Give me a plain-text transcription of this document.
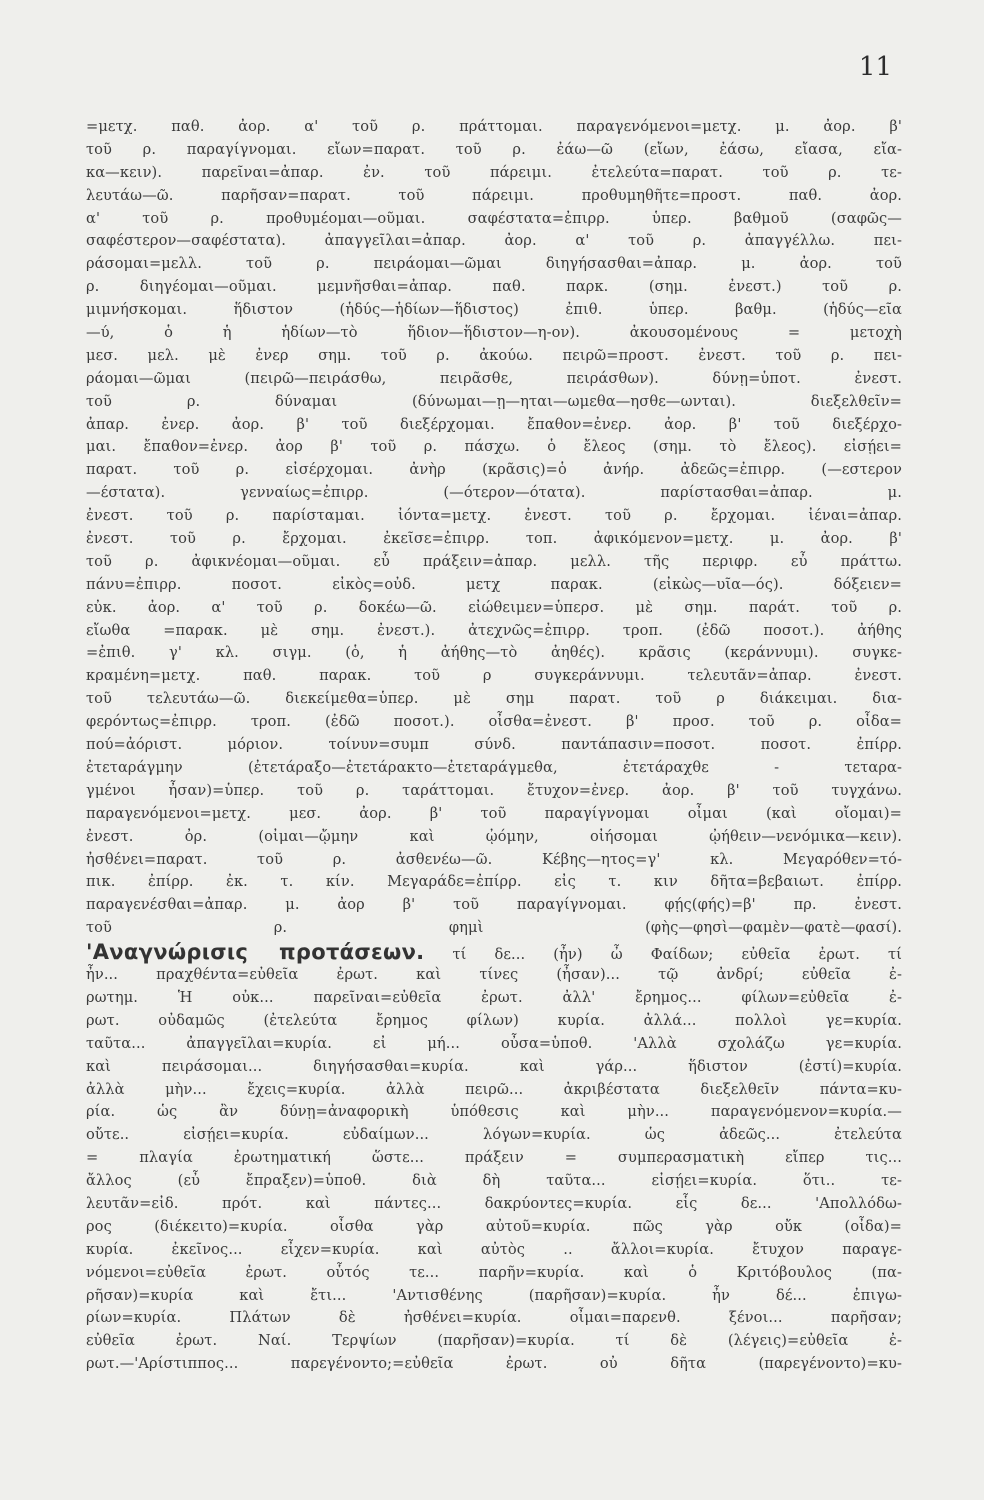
11
=μετχ. παθ. ἀορ. α' τοῦ ρ. πράττομαι. παραγενόμενοι=μετχ. μ. ἀορ. β'
τοῦ ρ. παραγίγνομαι. εἴων=παρατ. τοῦ ρ. ἐάω—ῶ (εἴων, ἐάσω, εἴασα, εἴα-
κα—κειν). παρεῖναι=ἀπαρ. ἐν. τοῦ πάρειμι. ἐτελεύτα=παρατ. τοῦ ρ. τε-
λευτάω—ῶ. παρῆσαν=παρατ. τοῦ πάρειμι. προθυμηθῆτε=προστ. παθ. ἀορ.
α' τοῦ ρ. προθυμέομαι—οῦμαι. σαφέστατα=ἐπιρρ. ὑπερ. βαθμοῦ (σαφῶς—
σαφέστερον—σαφέστατα). ἀπαγγεῖλαι=ἀπαρ. ἀορ. α' τοῦ ρ. ἀπαγγέλλω. πει-
ράσομαι=μελλ. τοῦ ρ. πειράομαι—ῶμαι διηγήσασθαι=ἀπαρ. μ. ἀορ. τοῦ
ρ. διηγέομαι—οῦμαι. μεμνῆσθαι=ἀπαρ. παθ. παρκ. (σημ. ἐνεστ.) τοῦ ρ.
μιμνήσκομαι. ἥδιστον (ἡδύς—ἡδίων—ἥδιστος) ἐπιθ. ὑπερ. βαθμ. (ἡδύς—εῖα
—ύ, ὁ ἡ ἡδίων—τὸ ἥδιον—ἥδιστον—η-ον). ἀκουσομένους = μετοχὴ
μεσ. μελ. μὲ ἐνερ σημ. τοῦ ρ. ἀκούω. πειρῶ=προστ. ἐνεστ. τοῦ ρ. πει-
ράομαι—ῶμαι (πειρῶ—πειράσθω, πειρᾶσθε, πειράσθων). δύνῃ=ὑποτ. ἐνεστ.
τοῦ ρ. δύναμαι (δύνωμαι—ῃ—ηται—ωμεθα—ησθε—ωνται). διεξελθεῖν=
ἀπαρ. ἐνερ. ἀορ. β' τοῦ διεξέρχομαι. ἔπαθον=ἐνερ. ἀορ. β' τοῦ διεξέρχο-
μαι. ἔπαθον=ἐνερ. ἀορ β' τοῦ ρ. πάσχω. ὁ ἔλεος (σημ. τὸ ἔλεος). εἰσῄει=
παρατ. τοῦ ρ. εἰσέρχομαι. ἀνὴρ (κρᾶσις)=ὁ ἀνήρ. ἀδεῶς=ἐπιρρ. (—εστερον
—έστατα). γενναίως=ἐπιρρ. (—ότερον—ότατα). παρίστασθαι=ἀπαρ. μ.
ἐνεστ. τοῦ ρ. παρίσταμαι. ἰόντα=μετχ. ἐνεστ. τοῦ ρ. ἔρχομαι. ἰέναι=ἀπαρ.
ἐνεστ. τοῦ ρ. ἔρχομαι. ἐκεῖσε=ἐπιρρ. τοπ. ἀφικόμενον=μετχ. μ. ἀορ. β'
τοῦ ρ. ἀφικνέομαι—οῦμαι. εὖ πράξειν=ἀπαρ. μελλ. τῆς περιφρ. εὖ πράττω.
πάνυ=ἐπιρρ. ποσοτ. εἰκὸς=οὐδ. μετχ παρακ. (εἰκὼς—υῖα—ός). δόξειεν=
εὐκ. ἀορ. α' τοῦ ρ. δοκέω—ῶ. εἰώθειμεν=ὑπερσ. μὲ σημ. παράτ. τοῦ ρ.
εἴωθα =παρακ. μὲ σημ. ἐνεστ.). ἀτεχνῶς=ἐπιρρ. τροπ. (ἐδῶ ποσοτ.). ἀήθης
=ἐπιθ. γ' κλ. σιγμ. (ὁ, ἡ ἀήθης—τὸ ἀηθές). κρᾶσις (κεράννυμι). συγκε-
κραμένη=μετχ. παθ. παρακ. τοῦ ρ συγκεράννυμι. τελευτᾶν=ἀπαρ. ἐνεστ.
τοῦ τελευτάω—ῶ. διεκείμεθα=ὑπερ. μὲ σημ παρατ. τοῦ ρ διάκειμαι. δια-
φερόντως=ἐπιρρ. τροπ. (ἐδῶ ποσοτ.). οἶσθα=ἐνεστ. β' προσ. τοῦ ρ. οἶδα=
πού=ἀόριστ. μόριον. τοίνυν=συμπ σύνδ. παντάπασιν=ποσοτ. ποσοτ. ἐπίρρ.
ἐτεταράγμην (ἐτετάραξο—ἐτετάρακτο—ἐτεταράγμεθα, ἐτετάραχθε - τεταρα-
γμένοι ἦσαν)=ὑπερ. τοῦ ρ. ταράττομαι. ἔτυχον=ἐνερ. ἀορ. β' τοῦ τυγχάνω.
παραγενόμενοι=μετχ. μεσ. ἀορ. β' τοῦ παραγίγνομαι οἶμαι (καὶ οἴομαι)=
ἐνεστ. ὀρ. (οἰμαι—ᾤμην καὶ ᾠόμην, οἰήσομαι ᾠήθειν—νενόμικα—κειν).
ἠσθένει=παρατ. τοῦ ρ. ἀσθενέω—ῶ. Κέβης—ητος=γ' κλ. Μεγαρόθεν=τό-
πικ. ἐπίρρ. ἐκ. τ. κίν. Μεγαράδε=ἐπίρρ. εἰς τ. κιν δῆτα=βεβαιωτ. ἐπίρρ.
παραγενέσθαι=ἀπαρ. μ. ἀορ β' τοῦ παραγίγνομαι. φῄς(φής)=β' πρ. ἐνεστ.
τοῦ ρ. φημὶ (φὴς—φησὶ—φαμὲν—φατὲ—φασί).
'Αναγνώρισις προτάσεων. τί δε... (ἦν) ὦ Φαίδων; εὐθεῖα ἐρωτ. τί
ἦν... πραχθέντα=εὐθεῖα ἐρωτ. καὶ τίνες (ἦσαν)... τῷ ἀνδρί; εὐθεῖα ἐ-
ρωτημ. Ἡ οὐκ... παρεῖναι=εὐθεῖα ἐρωτ. ἀλλ' ἔρημος... φίλων=εὐθεῖα ἐ-
ρωτ. οὐδαμῶς (ἐτελεύτα ἔρημος φίλων) κυρία. ἀλλά... πολλοὶ γε=κυρία.
ταῦτα... ἀπαγγεῖλαι=κυρία. εἰ μή... οὖσα=ὑποθ. 'Αλλὰ σχολάζω γε=κυρία.
καὶ πειράσομαι... διηγήσασθαι=κυρία. καὶ γάρ... ἥδιστον (ἐστί)=κυρία.
ἀλλὰ μὴν... ἔχεις=κυρία. ἀλλὰ πειρῶ... ἀκριβέστατα διεξελθεῖν πάντα=κυ-
ρία. ὡς ἂν δύνῃ=ἀναφορικὴ ὑπόθεσις καὶ μὴν... παραγενόμενον=κυρία.—
οὔτε.. εἰσῄει=κυρία. εὐδαίμων... λόγων=κυρία. ὡς ἀδεῶς... ἐτελεύτα
= πλαγία ἐρωτηματική ὥστε... πράξειν = συμπερασματικὴ εἴπερ τις...
ἄλλος (εὖ ἔπραξεν)=ὑποθ. διὰ δὴ ταῦτα... εἰσῄει=κυρία. ὅτι.. τε-
λευτᾶν=εἰδ. πρότ. καὶ πάντες... δακρύοντες=κυρία. εἷς δε... 'Απολλόδω-
ρος (διέκειτο)=κυρία. οἶσθα γὰρ αὐτοῦ=κυρία. πῶς γὰρ οὔκ (οἶδα)=
κυρία. ἐκεῖνος... εἶχεν=κυρία. καὶ αὐτὸς .. ἄλλοι=κυρία. ἔτυχον παραγε-
νόμενοι=εὐθεῖα ἐρωτ. οὗτός τε... παρῆν=κυρία. καὶ ὁ Κριτόβουλος (πα-
ρῆσαν)=κυρία καὶ ἔτι... 'Αντισθένης (παρῆσαν)=κυρία. ἦν δέ... ἐπιγω-
ρίων=κυρία. Πλάτων δὲ ἠσθένει=κυρία. οἶμαι=παρενθ. ξένοι... παρῆσαν;
εὐθεῖα ἐρωτ. Ναί. Τερψίων (παρῆσαν)=κυρία. τί δὲ (λέγεις)=εὐθεῖα ἐ-
ρωτ.—'Αρίστιππος... παρεγένοντο;=εὐθεῖα ἐρωτ. οὐ δῆτα (παρεγένοντο)=κυ-
